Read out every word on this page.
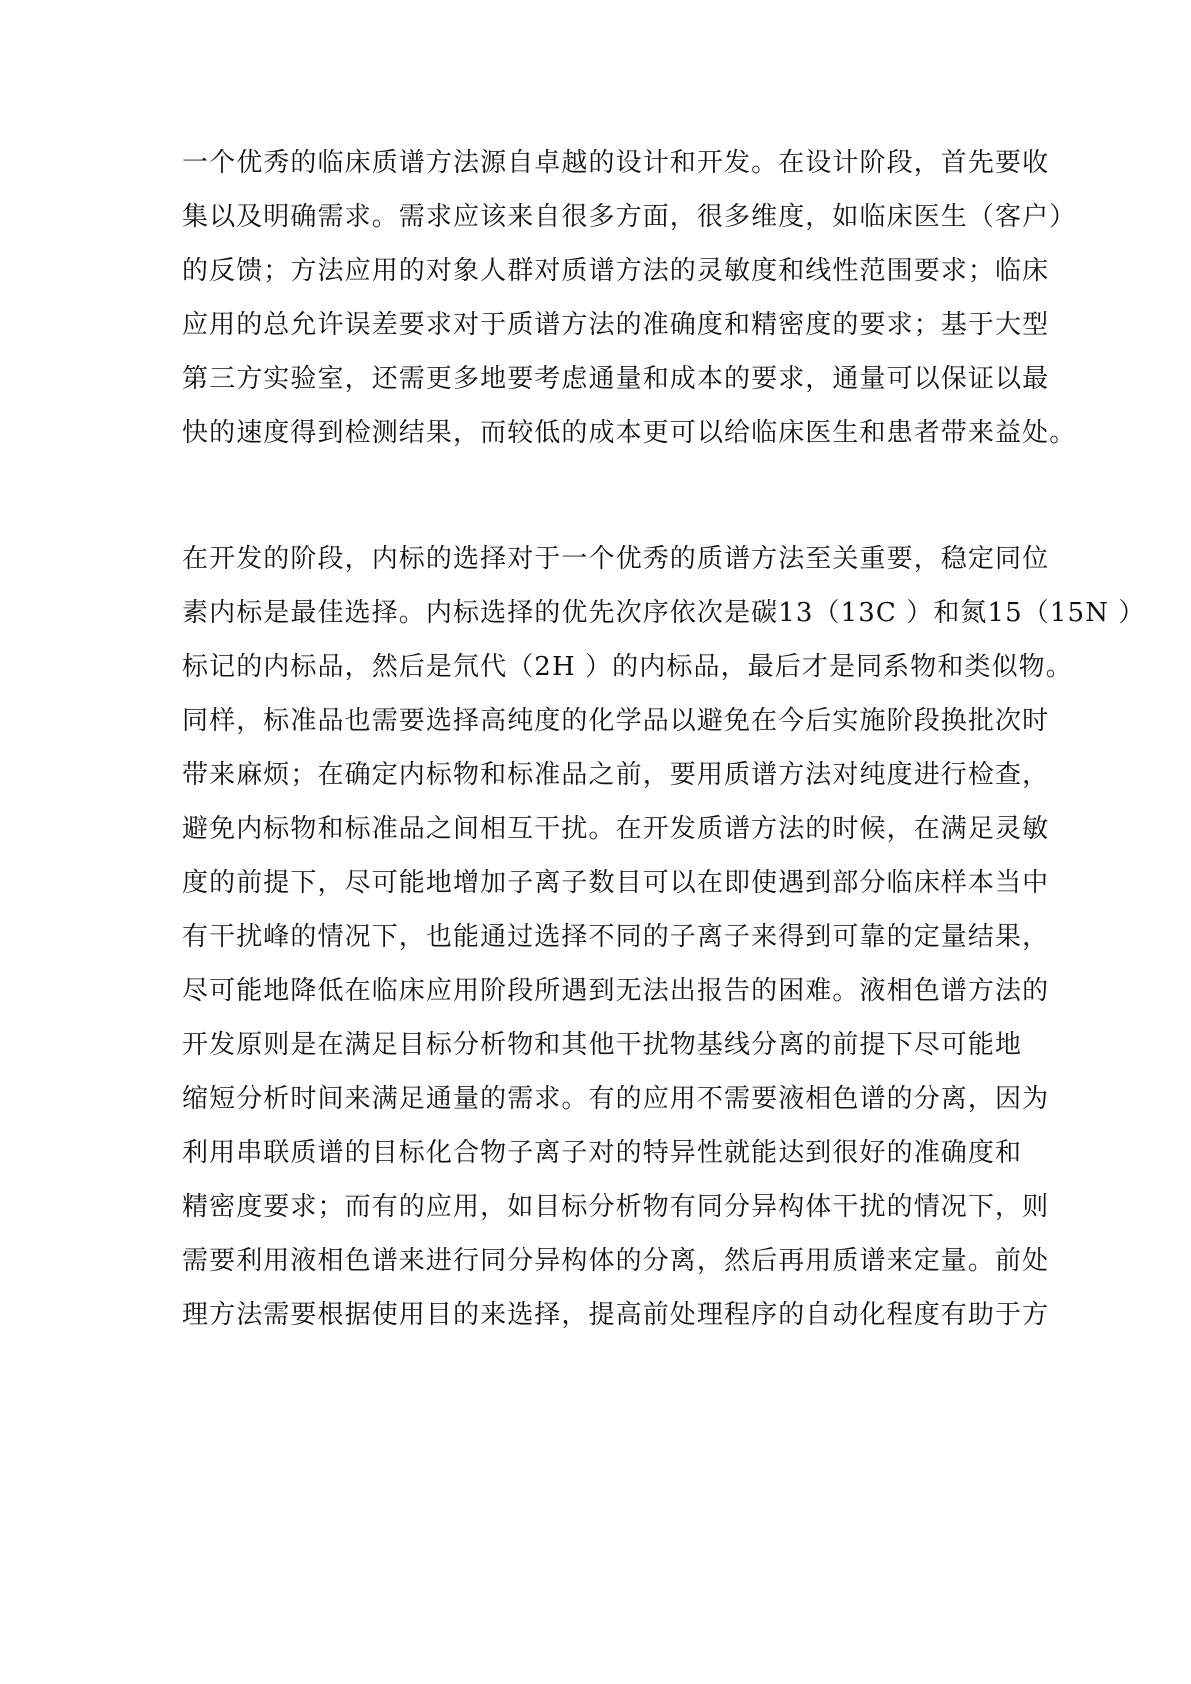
一个优秀的临床质谱方法源自卓越的设计和开发。在设计阶段，首先要收
集以及明确需求。需求应该来自很多方面，很多维度，如临床医生（客户）
的反馈；方法应用的对象人群对质谱方法的灵敏度和线性范围要求；临床
应用的总允许误差要求对于质谱方法的准确度和精密度的要求；基于大型
第三方实验室，还需更多地要考虑通量和成本的要求，通量可以保证以最
快的速度得到检测结果，而较低的成本更可以给临床医生和患者带来益处。
在开发的阶段，内标的选择对于一个优秀的质谱方法至关重要，稳定同位
素内标是最佳选择。内标选择的优先次序依次是碳13（13C ）和氮15（15N ）
标记的内标品，然后是氘代（2H ）的内标品，最后才是同系物和类似物。
同样，标准品也需要选择高纯度的化学品以避免在今后实施阶段换批次时
带来麻烦；在确定内标物和标准品之前，要用质谱方法对纯度进行检查，
避免内标物和标准品之间相互干扰。在开发质谱方法的时候，在满足灵敏
度的前提下，尽可能地增加子离子数目可以在即使遇到部分临床样本当中
有干扰峰的情况下，也能通过选择不同的子离子来得到可靠的定量结果，
尽可能地降低在临床应用阶段所遇到无法出报告的困难。液相色谱方法的
开发原则是在满足目标分析物和其他干扰物基线分离的前提下尽可能地
缩短分析时间来满足通量的需求。有的应用不需要液相色谱的分离，因为
利用串联质谱的目标化合物子离子对的特异性就能达到很好的准确度和
精密度要求；而有的应用，如目标分析物有同分异构体干扰的情况下，则
需要利用液相色谱来进行同分异构体的分离，然后再用质谱来定量。前处
理方法需要根据使用目的来选择，提高前处理程序的自动化程度有助于方
